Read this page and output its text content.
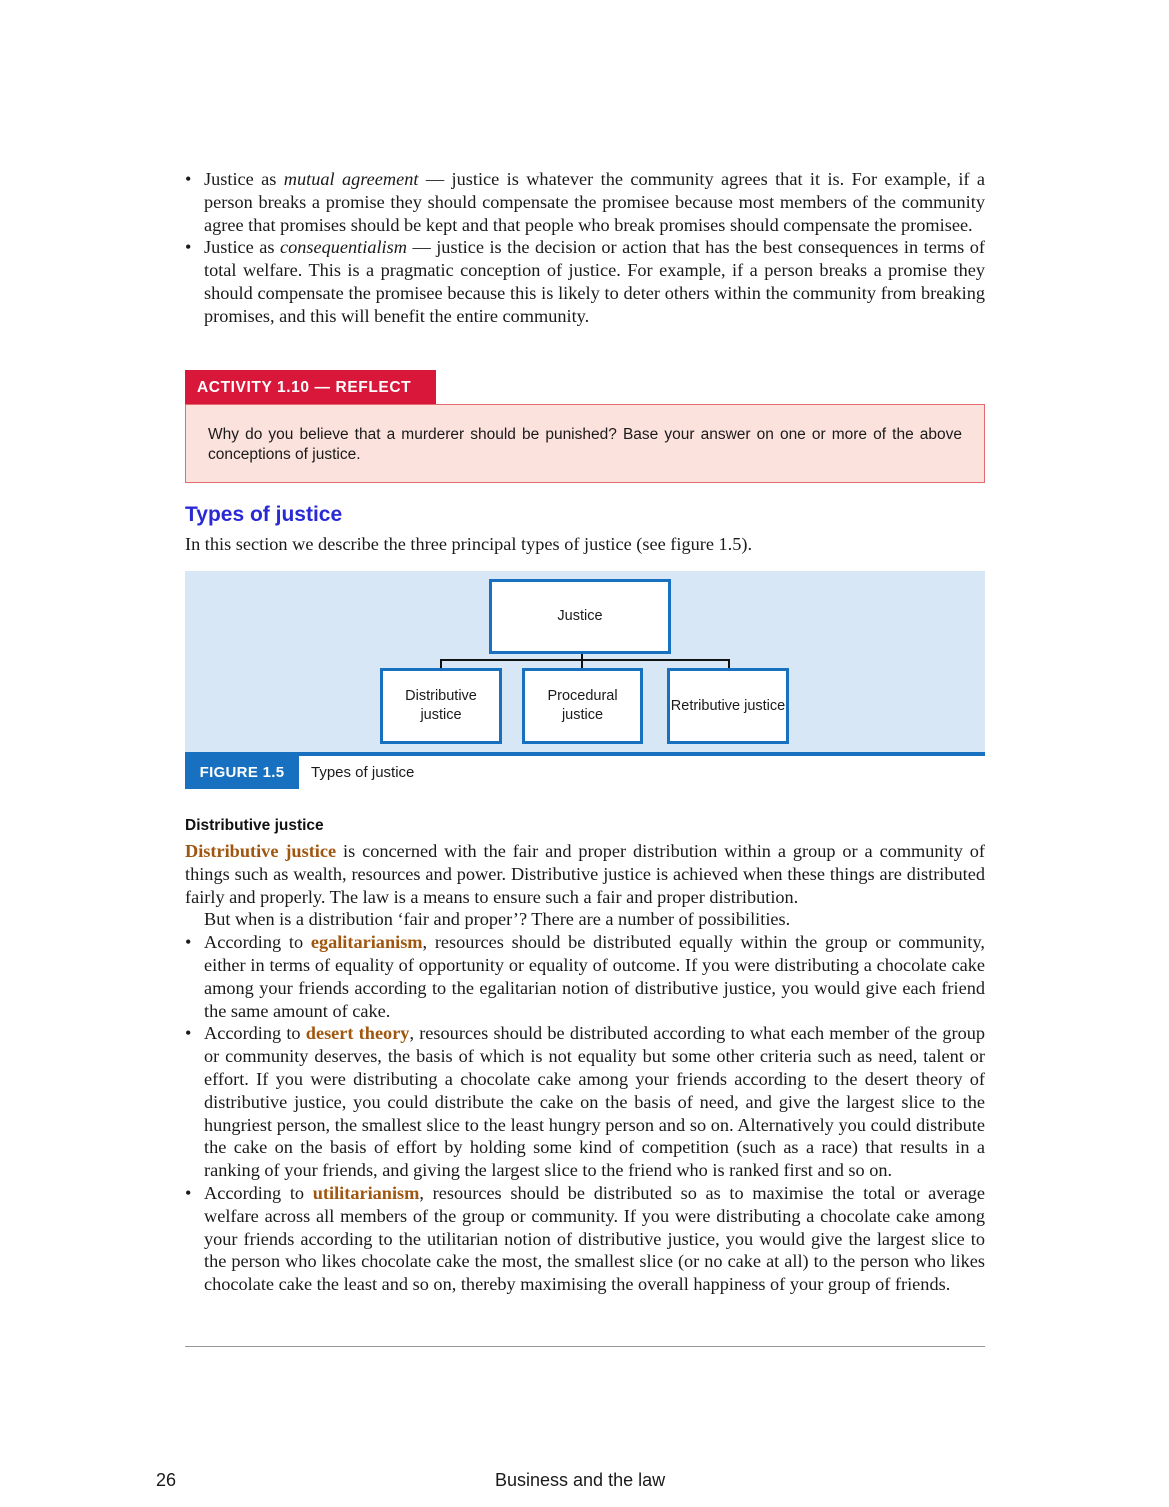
• Justice as mutual agreement — justice is whatever the community agrees that it is. For example, if a person breaks a promise they should compensate the promisee because most members of the community agree that promises should be kept and that people who break promises should compensate the promisee.

• Justice as consequentialism — justice is the decision or action that has the best consequences in terms of total welfare. This is a pragmatic conception of justice. For example, if a person breaks a promise they should compensate the promisee because this is likely to deter others within the community from breaking promises, and this will benefit the entire community.

ACTIVITY 1.10 — REFLECT
Why do you believe that a murderer should be punished? Base your answer on one or more of the above conceptions of justice.
Types of justice
In this section we describe the three principal types of justice (see figure 1.5).
Justice
Distributive justice
Procedural justice
Retributive justice
FIGURE 1.5	Types of justice
Distributive justice

Distributive justice is concerned with the fair and proper distribution within a group or a community of things such as wealth, resources and power. Distributive justice is achieved when these things are distributed fairly and properly. The law is a means to ensure such a fair and proper distribution.

But when is a distribution ‘fair and proper’? There are a number of possibilities.

• According to egalitarianism, resources should be distributed equally within the group or community, either in terms of equality of opportunity or equality of outcome. If you were distributing a chocolate cake among your friends according to the egalitarian notion of distributive justice, you would give each friend the same amount of cake.

• According to desert theory, resources should be distributed according to what each member of the group or community deserves, the basis of which is not equality but some other criteria such as need, talent or effort. If you were distributing a chocolate cake among your friends according to the desert theory of distributive justice, you could distribute the cake on the basis of need, and give the largest slice to the hungriest person, the smallest slice to the least hungry person and so on. Alternatively you could distribute the cake on the basis of effort by holding some kind of competition (such as a race) that results in a ranking of your friends, and giving the largest slice to the friend who is ranked first and so on.

• According to utilitarianism, resources should be distributed so as to maximise the total or average welfare across all members of the group or community. If you were distributing a chocolate cake among your friends according to the utilitarian notion of distributive justice, you would give the largest slice to the person who likes chocolate cake the most, the smallest slice (or no cake at all) to the person who likes chocolate cake the least and so on, thereby maximising the overall happiness of your group of friends.

26	Business and the law
